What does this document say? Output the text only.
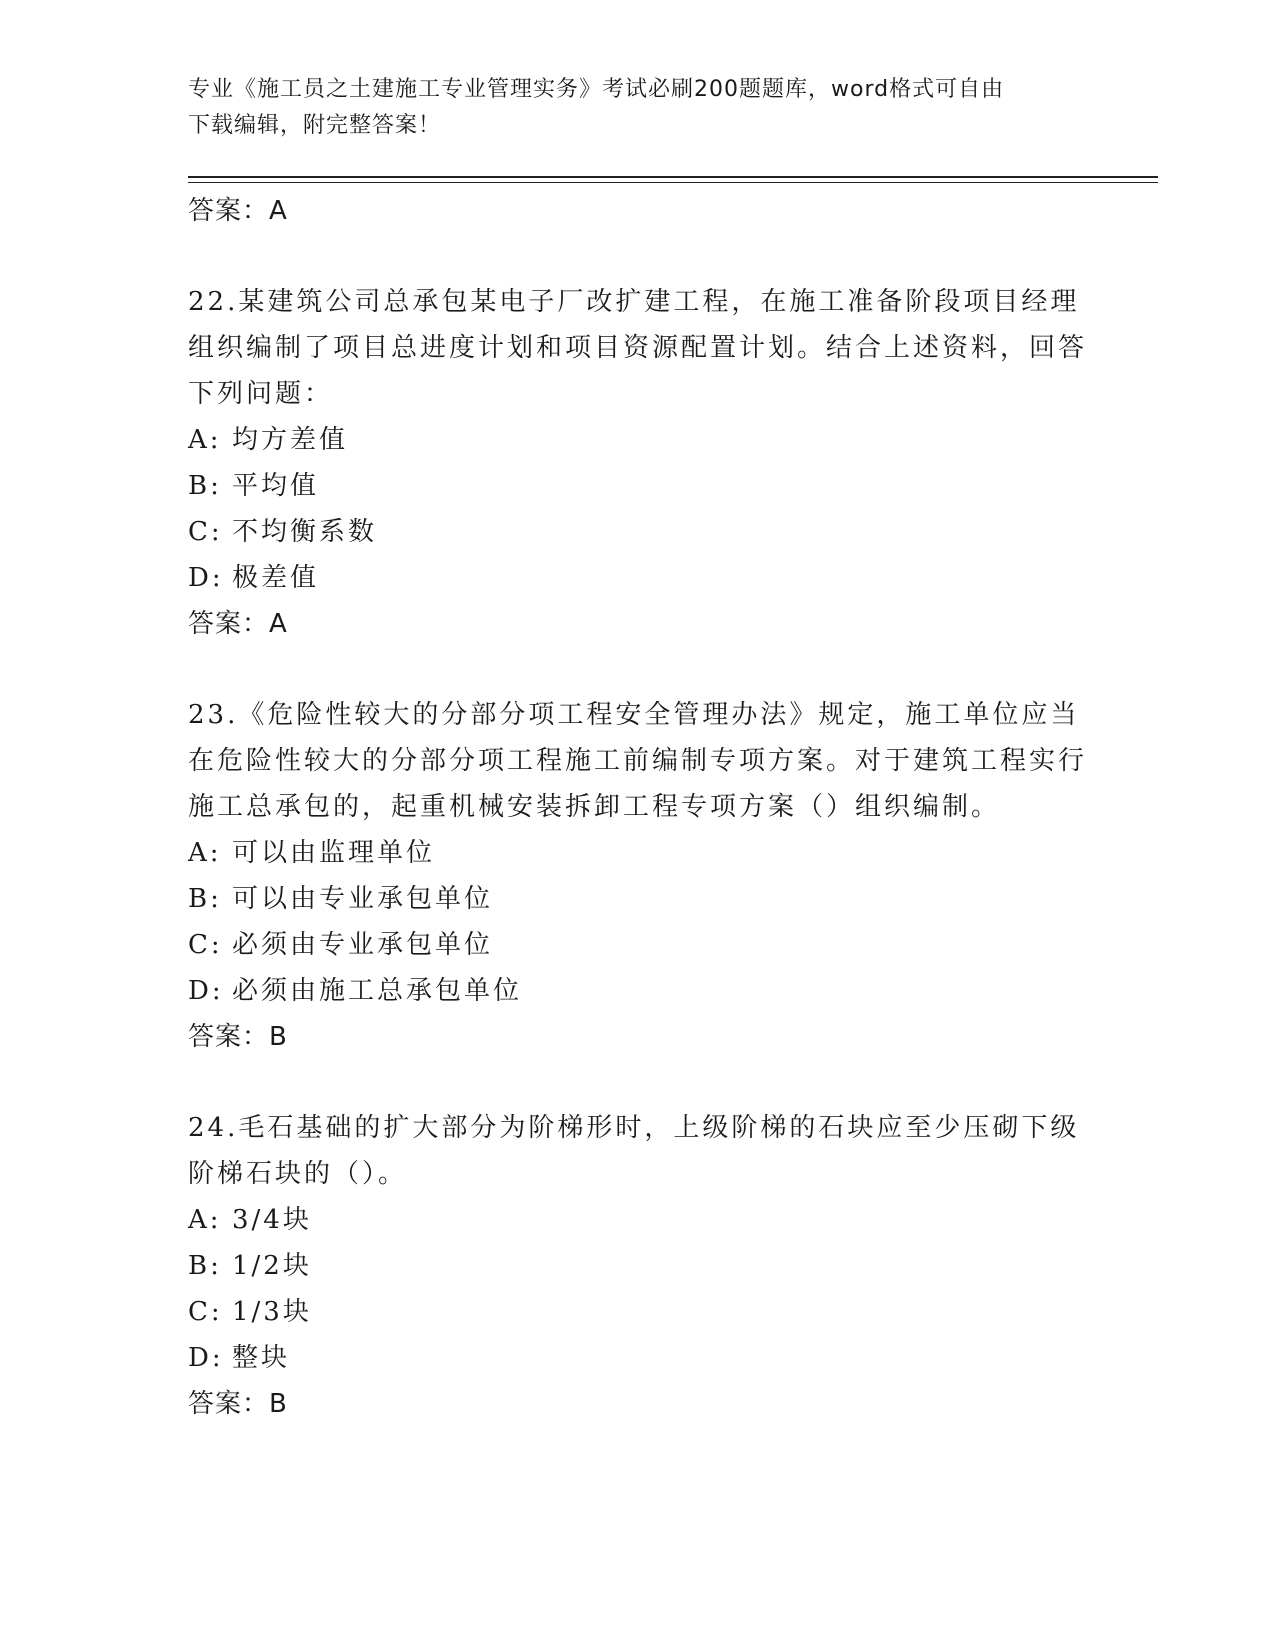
专业《施工员之土建施工专业管理实务》考试必刷200题题库，word格式可自由
下载编辑，附完整答案！
答案：A
22.某建筑公司总承包某电子厂改扩建工程，在施工准备阶段项目经理组织编制了项目总进度计划和项目资源配置计划。结合上述资料，回答下列问题：
A: 均方差值
B: 平均值
C: 不均衡系数
D: 极差值
答案：A
23.《危险性较大的分部分项工程安全管理办法》规定，施工单位应当在危险性较大的分部分项工程施工前编制专项方案。对于建筑工程实行施工总承包的，起重机械安装拆卸工程专项方案（）组织编制。
A: 可以由监理单位
B: 可以由专业承包单位
C: 必须由专业承包单位
D: 必须由施工总承包单位
答案：B
24.毛石基础的扩大部分为阶梯形时，上级阶梯的石块应至少压砌下级阶梯石块的（）。
A: 3/4块
B: 1/2块
C: 1/3块
D: 整块
答案：B
